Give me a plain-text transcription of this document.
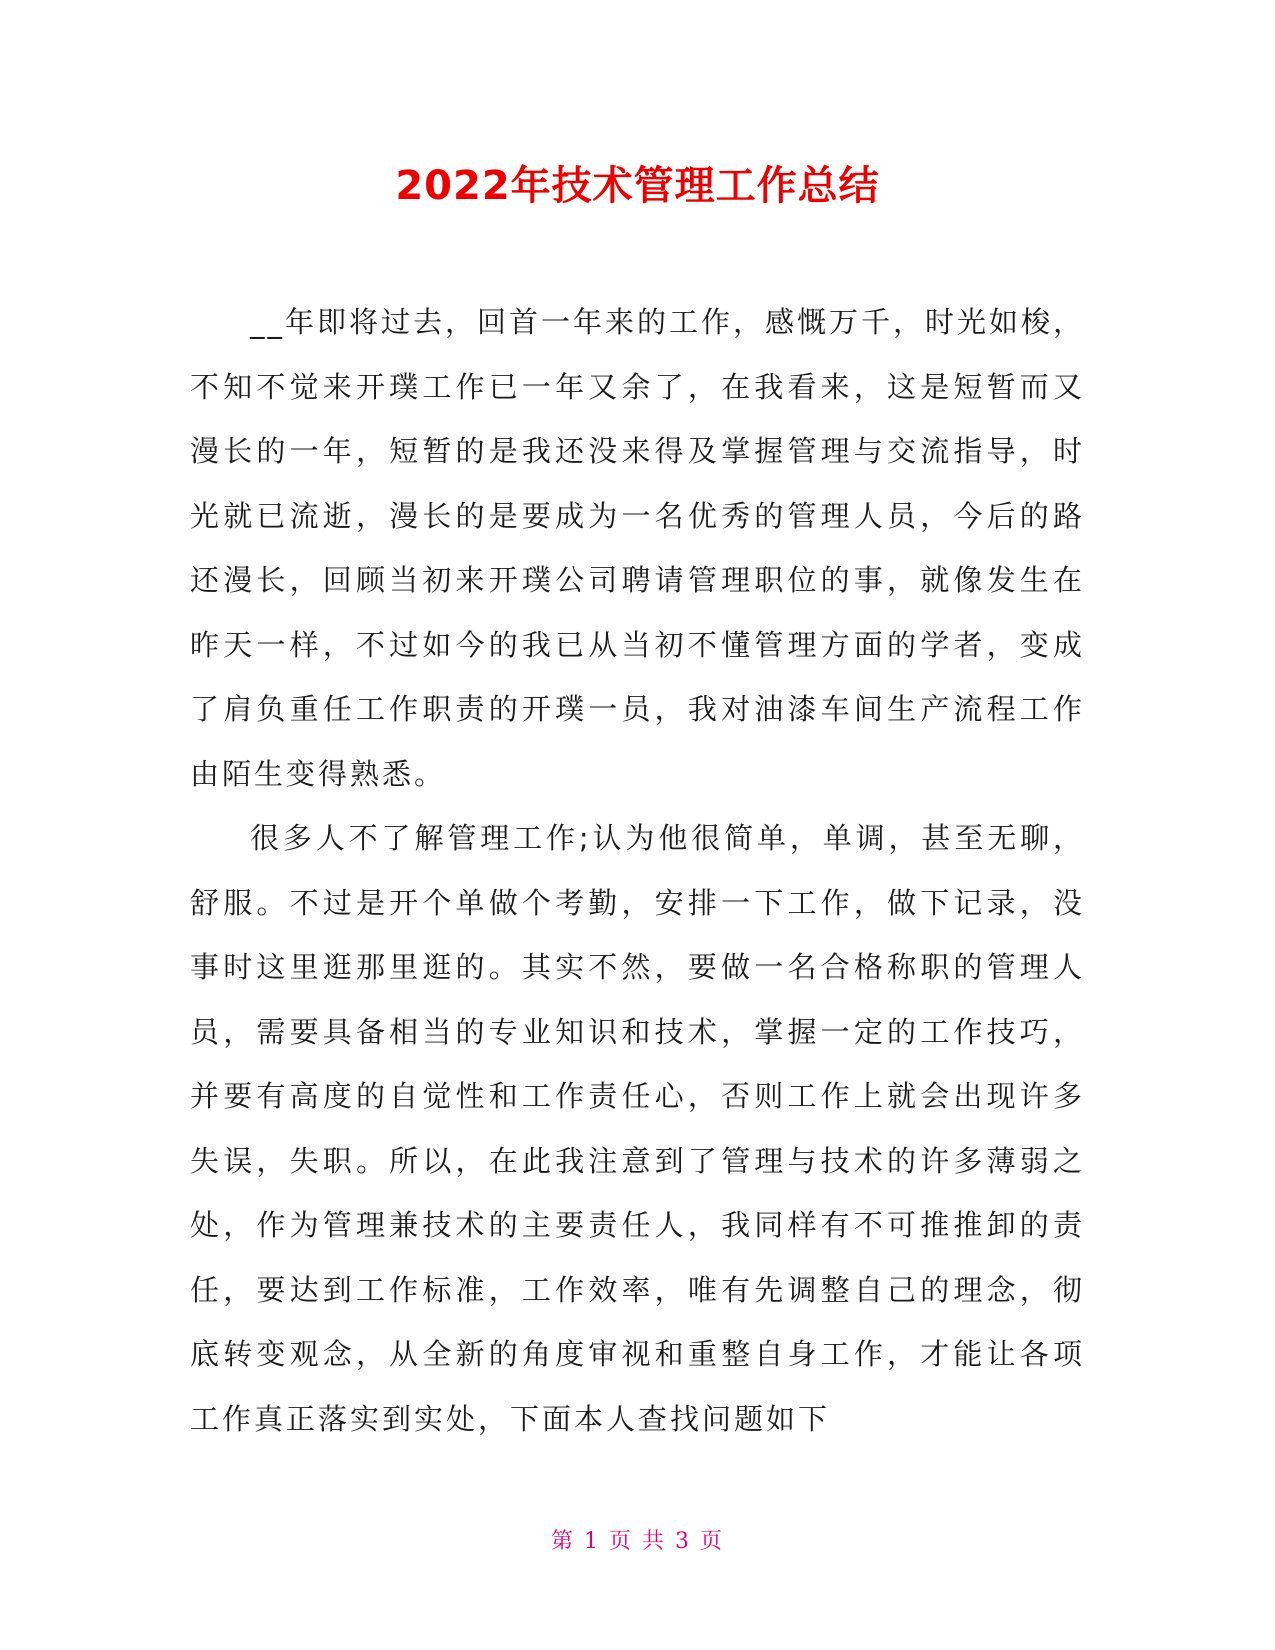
2022年技术管理工作总结

__年即将过去，回首一年来的工作，感慨万千，时光如梭，不知不觉来开璞工作已一年又余了，在我看来，这是短暂而又漫长的一年，短暂的是我还没来得及掌握管理与交流指导，时光就已流逝，漫长的是要成为一名优秀的管理人员，今后的路还漫长，回顾当初来开璞公司聘请管理职位的事，就像发生在昨天一样，不过如今的我已从当初不懂管理方面的学者，变成了肩负重任工作职责的开璞一员，我对油漆车间生产流程工作由陌生变得熟悉。

很多人不了解管理工作;认为他很简单，单调，甚至无聊，舒服。不过是开个单做个考勤，安排一下工作，做下记录，没事时这里逛那里逛的。其实不然，要做一名合格称职的管理人员，需要具备相当的专业知识和技术，掌握一定的工作技巧，并要有高度的自觉性和工作责任心，否则工作上就会出现许多失误，失职。所以，在此我注意到了管理与技术的许多薄弱之处，作为管理兼技术的主要责任人，我同样有不可推推卸的责任，要达到工作标准，工作效率，唯有先调整自己的理念，彻底转变观念，从全新的角度审视和重整自身工作，才能让各项工作真正落实到实处，下面本人查找问题如下

第 1 页 共 3 页
